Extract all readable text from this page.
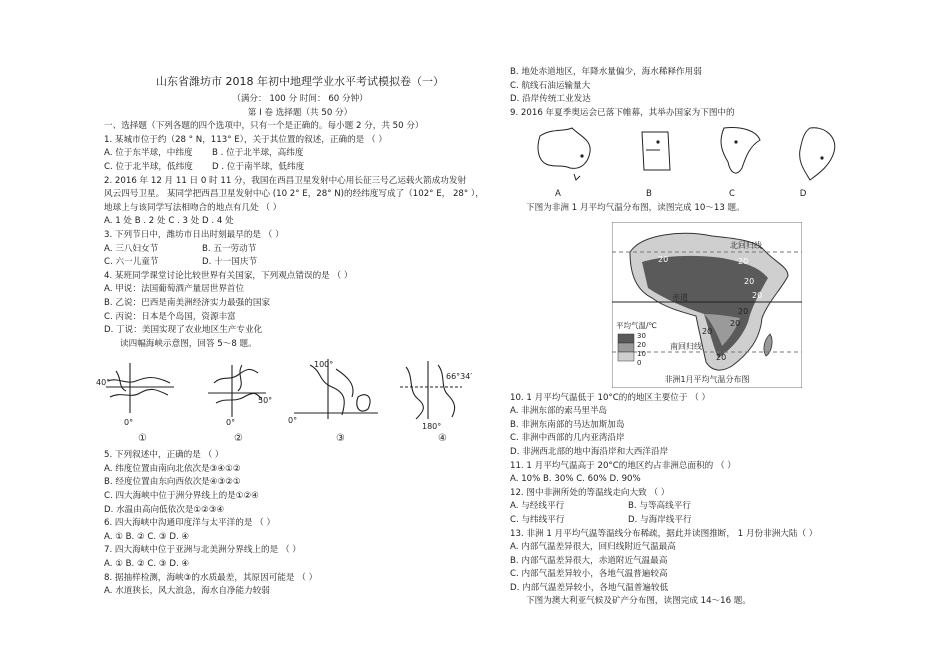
山东省潍坊市 2018 年初中地理学业水平考试模拟卷（一）
（满分： 100 分 时间： 60 分钟）
第 Ⅰ 卷 选择题（共 50 分）
一、选择题（下列各题的四个选项中，只有一个是正确的。每小题 2 分，共 50 分）
1. 某城市位于约（28 ° N，113° E），关于其位置的叙述，正确的是 （ ）
A. 位于东半球，中纬度	B . 位于北半球，高纬度
C. 位于北半球，低纬度	D . 位于南半球，低纬度
2. 2016 年 12 月 11 日 0 时 11 分，我国在西昌卫星发射中心用长征三号乙运载火箭成功发射
风云四号卫星。 某同学把西昌卫星发射中心 (10 2° E，28° N)的经纬度写成了（102° E， 28° ），
地球上与该同学写法相吻合的地点有几处 （ ）
A. 1 处 B . 2 处 C . 3 处 D . 4 处
3. 下列节日中，潍坊市日出时刻最早的是 （ ）
A. 三八妇女节	B. 五一劳动节
C. 六一儿童节	D. 十一国庆节
4. 某班同学课堂讨论比较世界有关国家，下列观点错误的是 （ ）
A. 甲说：法国葡萄酒产量居世界首位
B. 乙说：巴西是南美洲经济实力最强的国家
C. 丙说：日本是个岛国，资源丰富
D. 丁说：美国实现了农业地区生产专业化
读四幅海峡示意图，回答 5～8 题。
40°
0°
50°
0°
100°
0°
66°34′
180°
①	②	③	④
5. 下列叙述中，正确的是 （ ）
A. 纬度位置由南向北依次是③④①②
B. 经度位置由东向西依次是④③②①
C. 四大海峡中位于洲分界线上的是①②④
D. 水温由高向低依次是①②③④
6. 四大海峡中沟通印度洋与太平洋的是 （ ）
A. ① B. ② C. ③ D. ④
7. 四大海峡中位于亚洲与北美洲分界线上的是 （ ）
A. ① B. ② C. ③ D. ④
8. 据抽样检测，海峡③的水质最差，其原因可能是 （ ）
A. 水道狭长，风大浪急，海水自净能力较弱
B. 地处赤道地区，年降水量偏少，海水稀释作用弱
C. 航线石油运输量大
D. 沿岸传统工业发达
9. 2016 年夏季奥运会已落下帷幕，其举办国家为下图中的
A	B	C	D
下图为非洲 1 月平均气温分布图，读图完成 10～13 题。
北回归线
赤道
南回归线
20	20
20
20
20
20
20
20
平均气温/℃
30
20
10
0
非洲1月平均气温分布图
10. 1 月平均气温低于 10°C的的地区主要位于 （ ）
A. 非洲东部的索马里半岛
B. 非洲东南部的马达加斯加岛
C. 非洲中西部的几内亚湾沿岸
D. 非洲西北部的地中海沿岸和大西洋沿岸
11. 1 月平均气温高于 20°C的地区约占非洲总面积的 （ ）
A. 10% B. 30% C. 60% D. 90%
12. 图中非洲所处的等温线走向大致 （ ）
A. 与经线平行	B. 与等高线平行
C. 与纬线平行	D. 与海岸线平行
13. 非洲 1 月平均气温等温线分布稀疏，据此并读图推断， 1 月份非洲大陆（ ）
A. 内部气温差异很大，回归线附近气温最高
B. 内部气温差异很大，赤道附近气温最高
C. 内部气温差异较小，各地气温普遍较高
D. 内部气温差异较小，各地气温普遍较低
下图为澳大利亚气候及矿产分布图，读图完成 14～16 题。
